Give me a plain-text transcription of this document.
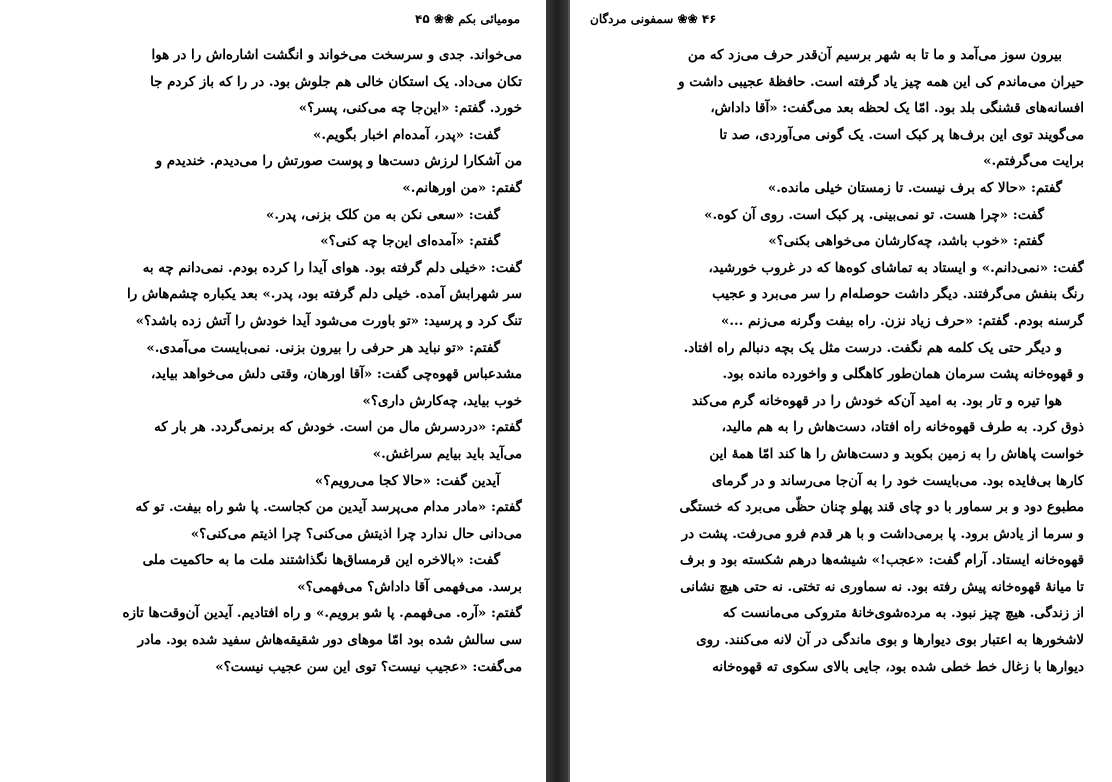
مومیائی بکم ❀❀ ۴۵
می‌خواند. جدی و سرسخت می‌خواند و انگشت اشاره‌اش را در هوا
تکان می‌داد. یک استکان خالی هم جلوش بود. در را که باز کردم جا
خورد. گفتم: «این‌جا چه می‌کنی، پسر؟»
گفت: «پدر، آمده‌ام اخبار بگویم.»
من آشکارا لرزش دست‌ها و پوست صورتش را می‌دیدم. خندیدم و
گفتم: «من اورهانم.»
گفت: «سعی نکن به من کلک بزنی، پدر.»
گفتم: «آمده‌ای این‌جا چه کنی؟»
گفت: «خیلی دلم گرفته بود. هوای آیدا را کرده بودم. نمی‌دانم چه به
سر شهرابش آمده. خیلی دلم گرفته بود، پدر.» بعد یکباره چشم‌هاش را
تنگ کرد و پرسید: «تو باورت می‌شود آیدا خودش را آتش زده باشد؟»
گفتم: «تو نباید هر حرفی را بیرون بزنی. نمی‌بایست می‌آمدی.»
مشدعباس قهوه‌چی گفت: «آقا اورهان، وقتی دلش می‌خواهد بیاید،
خوب بیاید، چه‌کارش داری؟»
گفتم: «دردسرش مال من است. خودش که برنمی‌گردد. هر بار که
می‌آید باید بیایم سراغش.»
آیدین گفت: «حالا کجا می‌رویم؟»
گفتم: «مادر مدام می‌پرسد آیدین من کجاست. پا شو راه بیفت. تو که
می‌دانی حال ندارد چرا اذیتش می‌کنی؟ چرا اذیتم می‌کنی؟»
گفت: «بالاخره این قرمساق‌ها نگذاشتند ملت ما به حاکمیت ملی
برسد. می‌فهمی آقا داداش؟ می‌فهمی؟»
گفتم: «آره. می‌فهمم. پا شو برویم.» و راه افتادیم. آیدین آن‌وقت‌ها تازه
سی سالش شده بود امّا موهای دور شقیقه‌هاش سفید شده بود. مادر
می‌گفت: «عجیب نیست؟ توی این سن عجیب نیست؟»
۴۶ ❀❀ سمفونی مردگان
بیرون سوز می‌آمد و ما تا به شهر برسیم آن‌قدر حرف می‌زد که من
حیران می‌ماندم کی این همه چیز یاد گرفته است. حافظهٔ عجیبی داشت و
افسانه‌های قشنگی بلد بود. امّا یک لحظه بعد می‌گفت: «آقا داداش،
می‌گویند توی این برف‌ها پر کبک است. یک گونی می‌آوردی، صد تا
برایت می‌گرفتم.»
گفتم: «حالا که برف نیست. تا زمستان خیلی مانده.»
گفت: «چرا هست. تو نمی‌بینی. پر کبک است. روی آن کوه.»
گفتم: «خوب باشد، چه‌کارشان می‌خواهی بکنی؟»
گفت: «نمی‌دانم.» و ایستاد به تماشای کوه‌ها که در غروب خورشید،
رنگ بنفش می‌گرفتند. دیگر داشت حوصله‌ام را سر می‌برد و عجیب
گرسنه بودم. گفتم: «حرف زیاد نزن. راه بیفت وگرنه می‌زنم ...»
و دیگر حتی یک کلمه هم نگفت. درست مثل یک بچه دنبالم راه افتاد.
و قهوه‌خانه پشت سرمان همان‌طور کاهگلی و واخورده مانده بود.
هوا تیره و تار بود. به امید آن‌که خودش را در قهوه‌خانه گرم می‌کند
ذوق کرد. به طرف قهوه‌خانه راه افتاد، دست‌هاش را به هم مالید،
خواست پاهاش را به زمین بکوبد و دست‌هاش را ها کند امّا همهٔ این
کارها بی‌فایده بود. می‌بایست خود را به آن‌جا می‌رساند و در گرمای
مطبوع دود و بر سماور با دو چای قند پهلو چنان حظّی می‌برد که خستگی
و سرما از یادش برود. پا برمی‌داشت و با هر قدم فرو می‌رفت. پشت در
قهوه‌خانه ایستاد. آرام گفت: «عجب!» شیشه‌ها درهم شکسته بود و برف
تا میانهٔ قهوه‌خانه پیش رفته بود. نه سماوری نه تختی. نه حتی هیچ نشانی
از زندگی. هیچ چیز نبود. به مرده‌شوی‌خانهٔ متروکی می‌مانست که
لاشخورها به اعتبار بوی دیوارها و بوی ماندگی در آن لانه می‌کنند. روی
دیوارها با زغال خط خطی شده بود، جایی بالای سکوی ته قهوه‌خانه
